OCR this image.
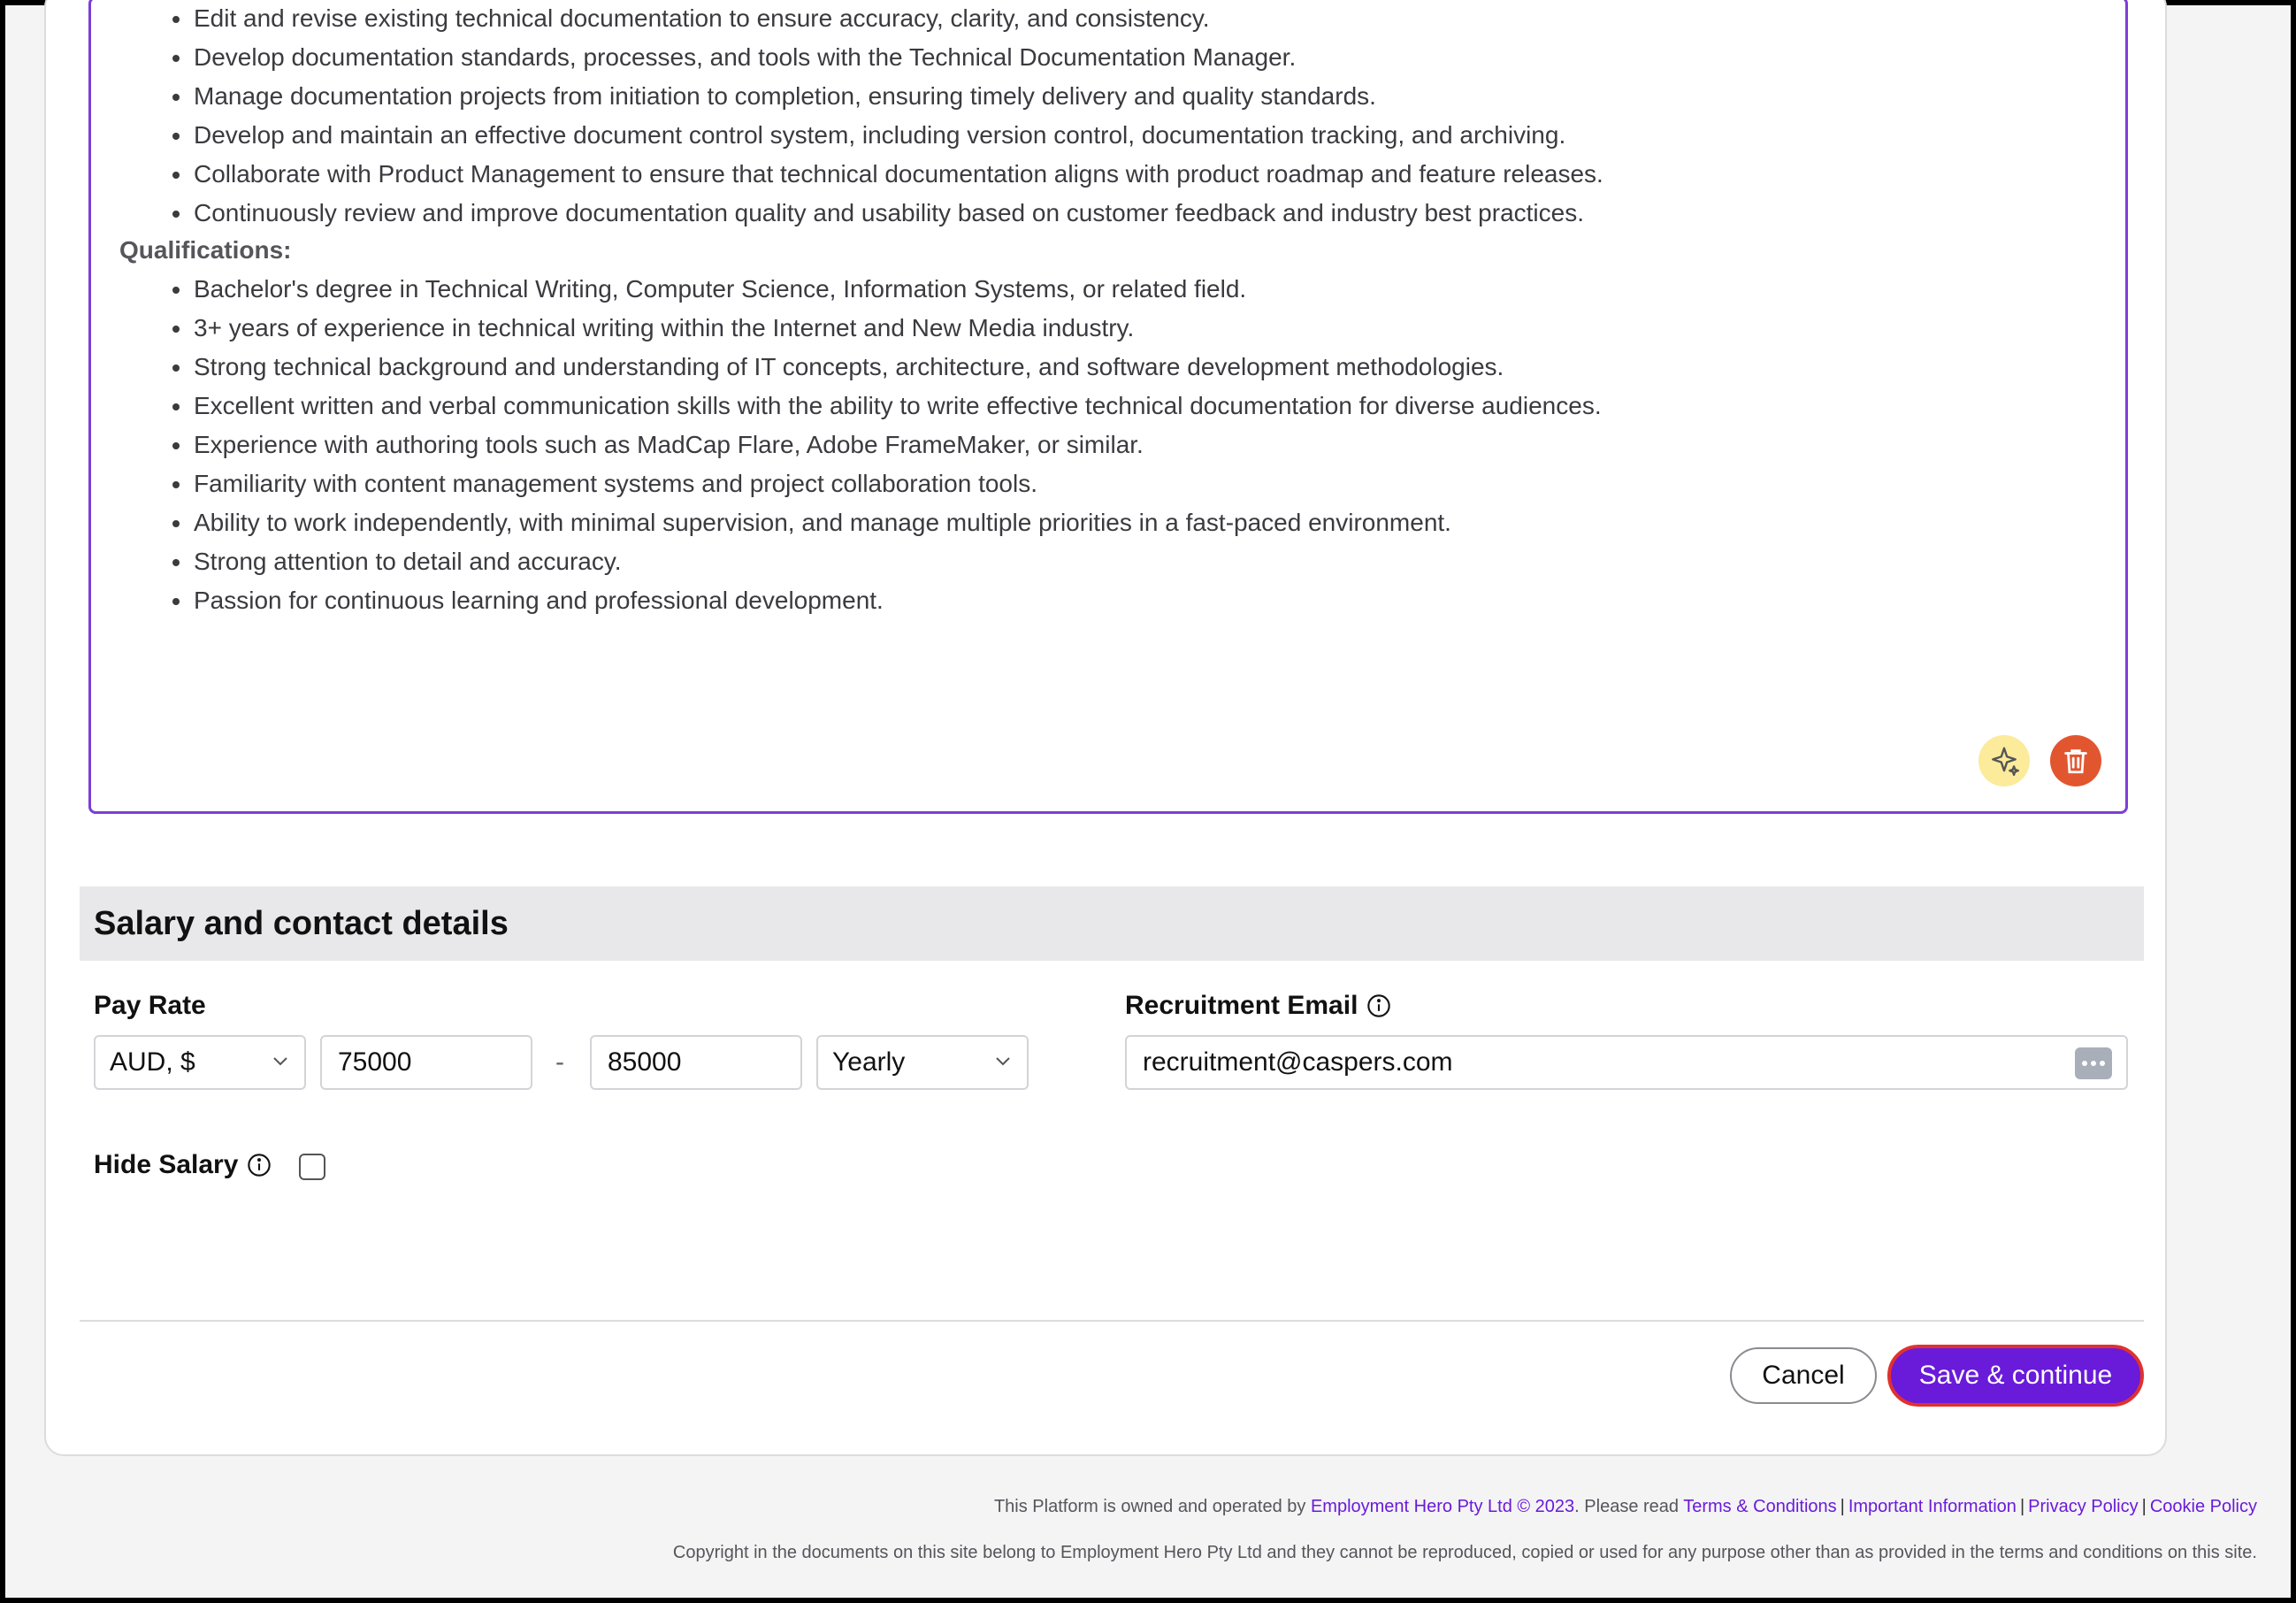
Edit and revise existing technical documentation to ensure accuracy, clarity, and consistency.
Develop documentation standards, processes, and tools with the Technical Documentation Manager.
Manage documentation projects from initiation to completion, ensuring timely delivery and quality standards.
Develop and maintain an effective document control system, including version control, documentation tracking, and archiving.
Collaborate with Product Management to ensure that technical documentation aligns with product roadmap and feature releases.
Continuously review and improve documentation quality and usability based on customer feedback and industry best practices.
Qualifications:
Bachelor's degree in Technical Writing, Computer Science, Information Systems, or related field.
3+ years of experience in technical writing within the Internet and New Media industry.
Strong technical background and understanding of IT concepts, architecture, and software development methodologies.
Excellent written and verbal communication skills with the ability to write effective technical documentation for diverse audiences.
Experience with authoring tools such as MadCap Flare, Adobe FrameMaker, or similar.
Familiarity with content management systems and project collaboration tools.
Ability to work independently, with minimal supervision, and manage multiple priorities in a fast-paced environment.
Strong attention to detail and accuracy.
Passion for continuous learning and professional development.
Salary and contact details
Pay Rate
AUD, $
75000	-
85000	Yearly
Recruitment Email
recruitment@caspers.com
Hide Salary
Cancel	Save & continue
This Platform is owned and operated by Employment Hero Pty Ltd © 2023. Please read Terms & Conditions | Important Information | Privacy Policy | Cookie Policy
Copyright in the documents on this site belong to Employment Hero Pty Ltd and they cannot be reproduced, copied or used for any purpose other than as provided in the terms and conditions on this site.
